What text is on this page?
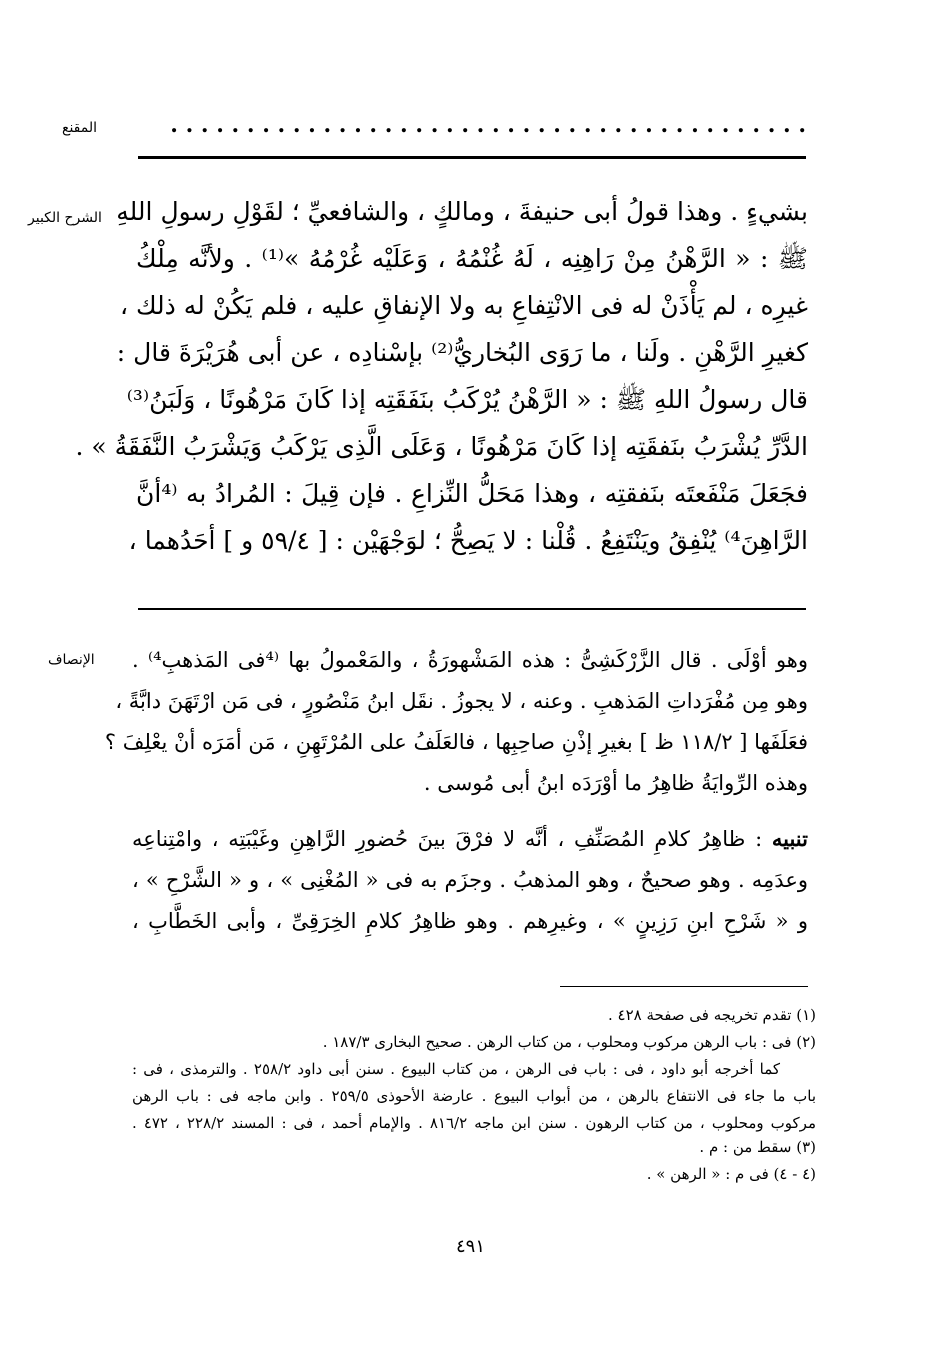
المقنع	. . . . . . . . . . . . . . . . . . . . . . . . . . . . . . . . . . . . . . . . . .
الشرح الكبير بشيءٍ . وهذا قولُ أبى حنيفةَ ، ومالكٍ ، والشافعيِّ ؛ لقَوْلِ رسولِ اللهِ
ﷺ : « الرَّهْنُ مِنْ رَاهِنِه ، لَهُ غُنْمُهُ ، وَعَلَيْه غُرْمُهُ »⁽¹⁾ . ولأنَّه مِلْكُ
غيرِه ، لم يَأْذَنْ له فى الانْتِفاعِ به ولا الإنفاقِ عليه ، فلم يَكُنْ له ذلك ،
كغيرِ الرَّهْنِ . ولَنا ، ما رَوَى البُخاريُّ⁽²⁾ بإسْنادِه ، عن أبى هُرَيْرَةَ قال :
قال رسولُ اللهِ ﷺ : « الرَّهْنُ يُرْكَبُ بنَفَقَتِه إذا كَانَ مَرْهُونًا ، وَلَبَنُ⁽³⁾
الدَّرِّ يُشْرَبُ بنَفقَتِه إذا كَانَ مَرْهُونًا ، وَعَلَى الَّذِى يَرْكَبُ وَيَشْرَبُ النَّفَقَةُ » .
فجَعَلَ مَنْفَعتَه بنَفقتِه ، وهذا مَحَلُّ النِّزاعِ . فإن قِيلَ : المُرادُ به ⁽⁴أنَّ
الرَّاهِنَ⁴⁾ يُنْفِقُ ويَنْتَفِعُ . قُلْنا : لا يَصِحُّ ؛ لوَجْهَيْن : [ ٥٩/٤ و ] أحَدُهما ،
الإنصاف وهو أوْلَى . قال الزَّرْكَشِىُّ : هذه المَشْهورَةُ ، والمَعْمولُ بها ⁽⁴فى المَذهبِ⁴⁾ .
وهو مِن مُفْرَداتِ المَذهبِ . وعنه ، لا يجوزُ . نقَل ابنُ مَنْصُورٍ ، فى مَن ارْتَهَنَ دابَّةً ،
فعَلَفَها [ ١١٨/٢ ظ ] بغيرِ إذْنِ صاحِبِها ، فالعَلَفُ على المُرْتَهِنِ ، مَن أمَرَه أنْ يعْلِفَ ؟
وهذه الرِّوايَةُ ظاهِرُ ما أوْرَدَه ابنُ أبى مُوسى .
تنبيه : ظاهِرُ كلامِ المُصَنِّفِ ، أنَّه لا فرْقَ بينَ حُضورِ الرَّاهِنِ وغَيْبَتِه ، وامْتِناعِه
وعدَمِه . وهو صحيحٌ ، وهو المذهبُ . وجزَم به فى « المُغْنِى » ، و « الشَّرْحِ » ،
و « شَرْحِ ابنِ رَزِينٍ » ، وغيرِهم . وهو ظاهِرُ كلامِ الخِرَقِىِّ ، وأبى الخَطَّابِ ،
(١) تقدم تخريجه فى صفحة ٤٢٨ .
(٢) فى : باب الرهن مركوب ومحلوب ، من كتاب الرهن . صحيح البخارى ١٨٧/٣ .
كما أخرجه أبو داود ، فى : باب فى الرهن ، من كتاب البيوع . سنن أبى داود ٢٥٨/٢ . والترمذى ، فى :
باب ما جاء فى الانتفاع بالرهن ، من أبواب البيوع . عارضة الأحوذى ٢٥٩/٥ . وابن ماجه فى : باب الرهن
مركوب ومحلوب ، من كتاب الرهون . سنن ابن ماجه ٨١٦/٢ . والإمام أحمد ، فى : المسند ٢٢٨/٢ ، ٤٧٢ .
(٣) سقط من : م .
(٤ - ٤) فى م : « الرهن » .
٤٩١
